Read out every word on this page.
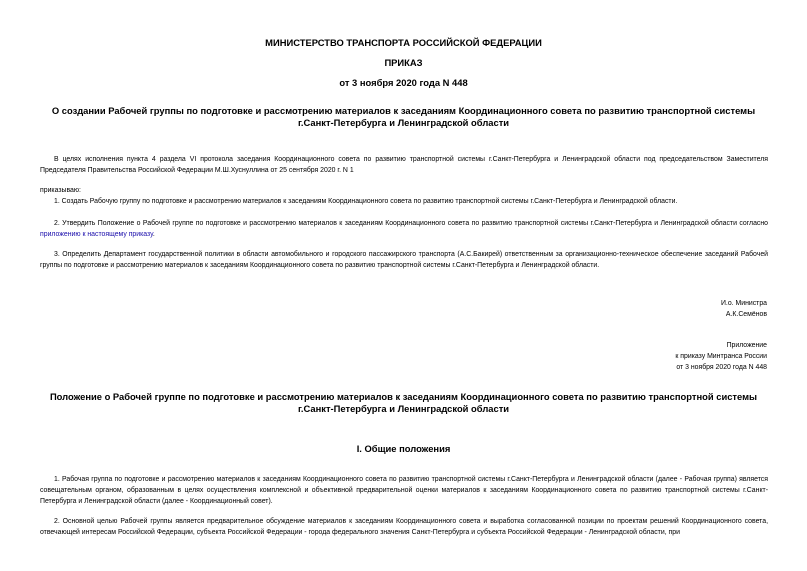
МИНИСТЕРСТВО ТРАНСПОРТА РОССИЙСКОЙ ФЕДЕРАЦИИ
ПРИКАЗ
от 3 ноября 2020 года N 448
О создании Рабочей группы по подготовке и рассмотрению материалов к заседаниям Координационного совета по развитию транспортной системы г.Санкт-Петербурга и Ленинградской области
В целях исполнения пункта 4 раздела VI протокола заседания Координационного совета по развитию транспортной системы г.Санкт-Петербурга и Ленинградской области под председательством Заместителя Председателя Правительства Российской Федерации М.Ш.Хуснуллина от 25 сентября 2020 г. N 1
приказываю:
1. Создать Рабочую группу по подготовке и рассмотрению материалов к заседаниям Координационного совета по развитию транспортной системы г.Санкт-Петербурга и Ленинградской области.
2. Утвердить Положение о Рабочей группе по подготовке и рассмотрению материалов к заседаниям Координационного совета по развитию транспортной системы г.Санкт-Петербурга и Ленинградской области согласно приложению к настоящему приказу.
3. Определить Департамент государственной политики в области автомобильного и городского пассажирского транспорта (А.С.Бакирей) ответственным за организационно-техническое обеспечение заседаний Рабочей группы по подготовке и рассмотрению материалов к заседаниям Координационного совета по развитию транспортной системы г.Санкт-Петербурга и Ленинградской области.
И.о. Министра
А.К.Семёнов
Приложение
к приказу Минтранса России
от 3 ноября 2020 года N 448
Положение о Рабочей группе по подготовке и рассмотрению материалов к заседаниям Координационного совета по развитию транспортной системы г.Санкт-Петербурга и Ленинградской области
I. Общие положения
1. Рабочая группа по подготовке и рассмотрению материалов к заседаниям Координационного совета по развитию транспортной системы г.Санкт-Петербурга и Ленинградской области (далее - Рабочая группа) является совещательным органом, образованным в целях осуществления комплексной и объективной предварительной оценки материалов к заседаниям Координационного совета по развитию транспортной системы г.Санкт-Петербурга и Ленинградской области (далее - Координационный совет).
2. Основной целью Рабочей группы является предварительное обсуждение материалов к заседаниям Координационного совета и выработка согласованной позиции по проектам решений Координационного совета, отвечающей интересам Российской Федерации, субъекта Российской Федерации - города федерального значения Санкт-Петербурга и субъекта Российской Федерации - Ленинградской области, при
